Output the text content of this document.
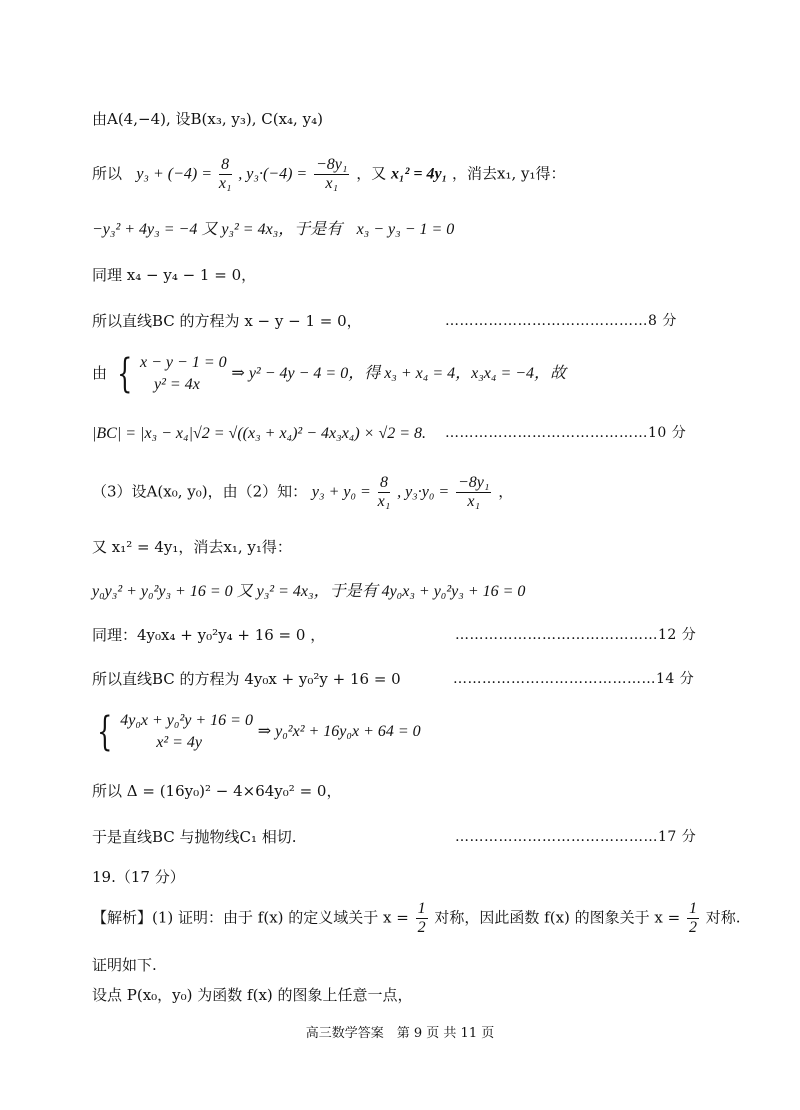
由A(4,−4), 设B(x₃, y₃), C(x₄, y₄)
所以 $y_3 + (-4) = \frac{8}{\text{x₁}}$ , $y_3\cdot(-4) = \frac{\text{−8y₁}}{\text{x₁}}$ ，又 x₁² = 4y₁ ，消去x₁, y₁得：
−y₃² + 4y₃ = −4 又 y₃² = 4x₃，于是有 x₃ − y₃ − 1 = 0
同理 x₄ − y₄ − 1 = 0，
所以直线BC 的方程为 x − y − 1 = 0，	……………………………………8 分
由 { x − y − 1 = 0
y² = 4x
⇒ y² − 4y − 4 = 0，得 x₃ + x₄ = 4，x₃x₄ = −4，故
|BC| = |x₃ − x₄|√2 = √((x₃ + x₄)² − 4x₃x₄) × √2 = 8. ……………………………………10 分
（3）设A(x₀, y₀)，由（2）知： $y_3 + y_0 = \frac{8}{\text{x₁}}$ , $y_3\cdot y_0 = \frac{\text{−8y₁}}{\text{x₁}}$ ，
又 x₁² = 4y₁，消去x₁, y₁得：
y₀y₃² + y₀²y₃ + 16 = 0 又 y₃² = 4x₃，于是有 4y₀x₃ + y₀²y₃ + 16 = 0
同理：4y₀x₄ + y₀²y₄ + 16 = 0 ，	……………………………………12 分
所以直线BC 的方程为 4y₀x + y₀²y + 16 = 0	……………………………………14 分
{ 4y₀x + y₀²y + 16 = 0
x² = 4y
⇒ y₀²x² + 16y₀x + 64 = 0
所以 Δ = (16y₀)² − 4×64y₀² = 0，
于是直线BC 与抛物线C₁ 相切.	……………………………………17 分
19.（17 分）
【解析】(1) 证明：由于 f(x) 的定义域关于 $x = \frac{1}{2}$ 对称，因此函数 f(x) 的图象关于 $x = \frac{1}{2}$ 对称.
证明如下.
设点 P(x₀，y₀) 为函数 f(x) 的图象上任意一点，
高三数学答案　第 9 页 共 11 页
